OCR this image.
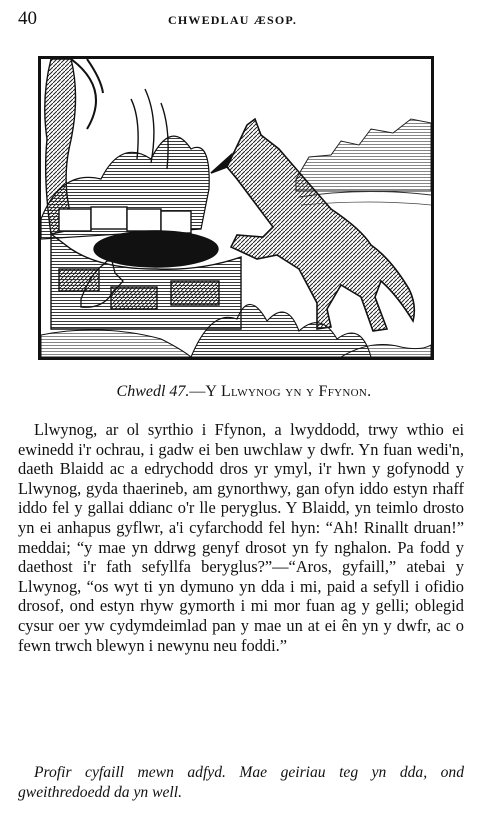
40	CHWEDLAU ÆSOP.
Chwedl 47.—Y Llwynog yn y Ffynon.

Llwynog, ar ol syrthio i Ffynon, a lwyddodd, trwy wthio ei ewinedd i'r ochrau, i gadw ei ben uwchlaw y dwfr. Yn fuan wedi'n, daeth Blaidd ac a edrychodd dros yr ymyl, i'r hwn y gofynodd y Llwynog, gyda thaerineb, am gynorthwy, gan ofyn iddo estyn rhaff iddo fel y gallai ddianc o'r lle peryglus. Y Blaidd, yn teimlo drosto yn ei anhapus gyflwr, a'i cyfarchodd fel hyn: “Ah! Rinallt druan!” meddai; “y mae yn ddrwg genyf drosot yn fy nghalon. Pa fodd y daethost i'r fath sefyllfa beryglus?”—“Aros, gyfaill,” atebai y Llwynog, “os wyt ti yn dymuno yn dda i mi, paid a sefyll i ofidio drosof, ond estyn rhyw gymorth i mi mor fuan ag y gelli; oblegid cysur oer yw cydymdeimlad pan y mae un at ei ên yn y dwfr, ac o fewn trwch blewyn i newynu neu foddi.”

Profir cyfaill mewn adfyd. Mae geiriau teg yn dda, ond gweithredoedd da yn well.
